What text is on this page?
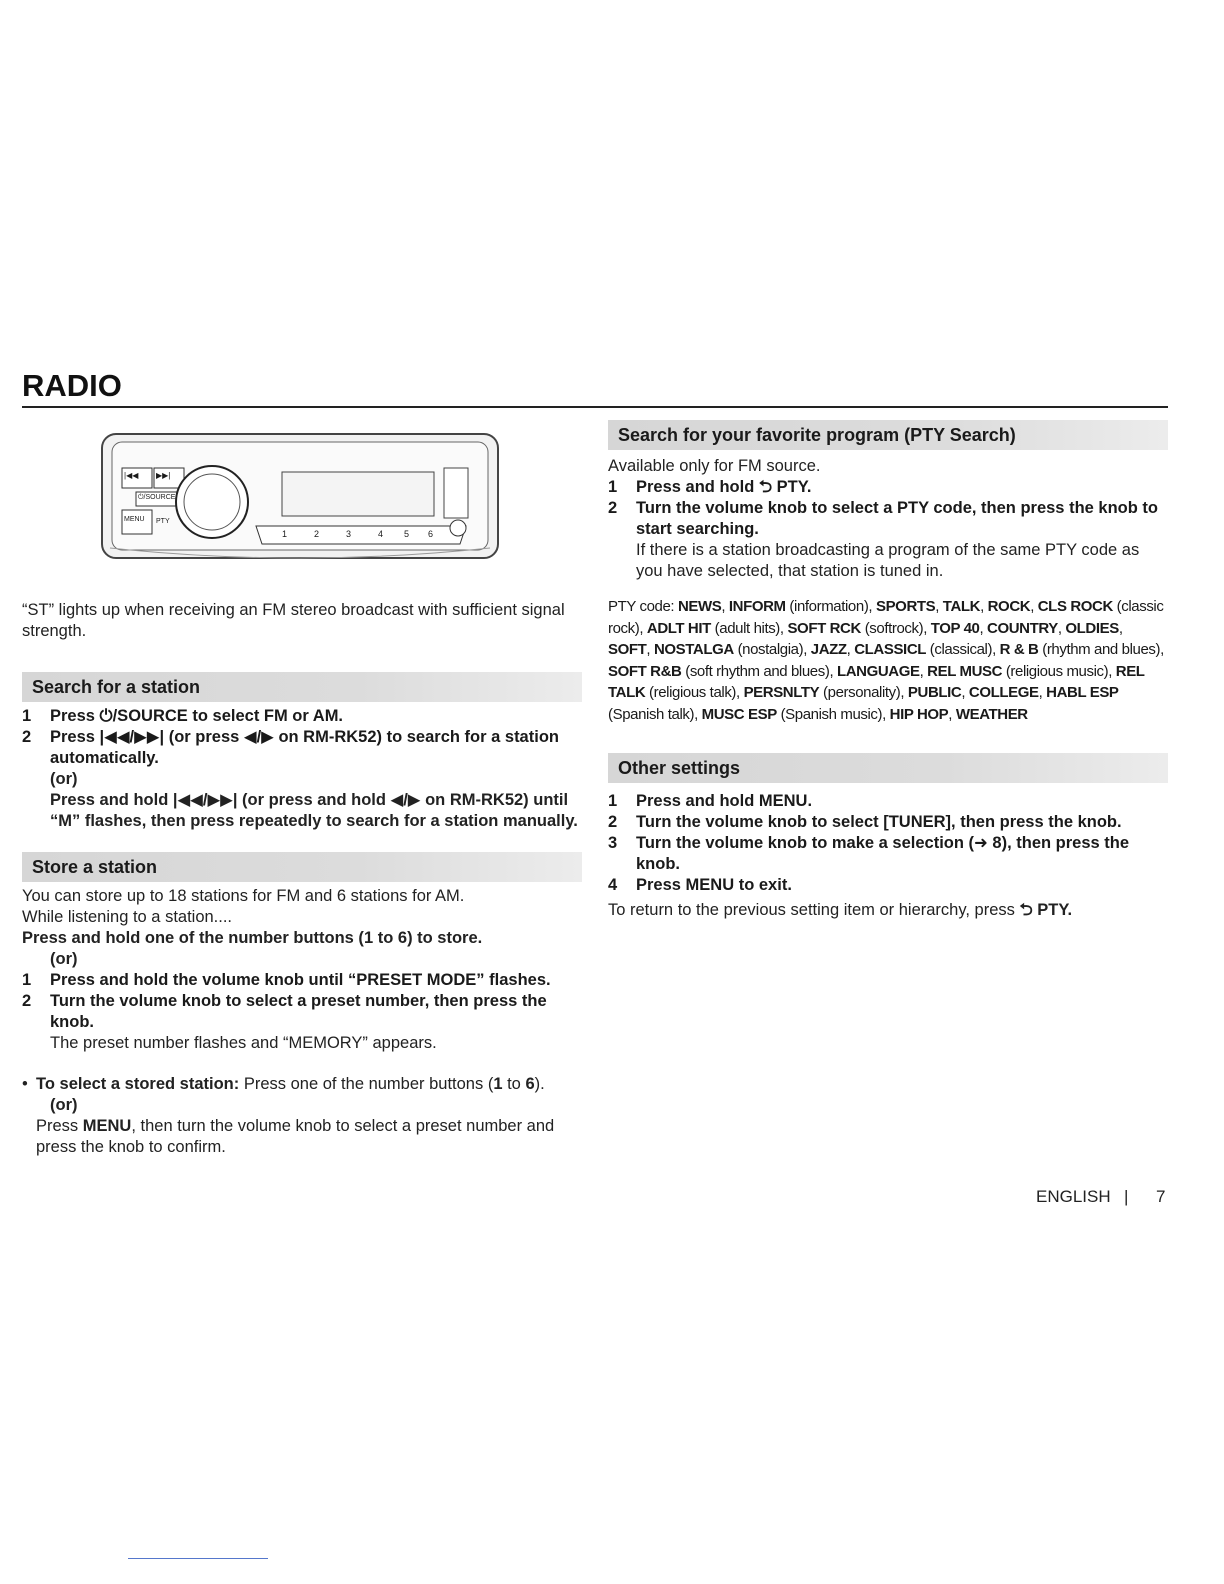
RADIO
|◀◀ ▶▶|
⏻/SOURCE
MENU PTY
1	2	3	4 5 6
“ST” lights up when receiving an FM stereo broadcast with sufficient signal strength.
Search for a station
1	Press ⏻/SOURCE to select FM or AM.
2	Press |◀◀/▶▶| (or press ◀/▶ on RM-RK52) to search for a station automatically.
(or)
Press and hold |◀◀/▶▶| (or press and hold ◀/▶ on RM-RK52) until “M” flashes, then press repeatedly to search for a station manually.
Store a station
You can store up to 18 stations for FM and 6 stations for AM.
While listening to a station....
Press and hold one of the number buttons (1 to 6) to store.
(or)
1	Press and hold the volume knob until “PRESET MODE” flashes.
2	Turn the volume knob to select a preset number, then press the knob.
The preset number flashes and “MEMORY” appears.
• To select a stored station: Press one of the number buttons (1 to 6).
(or)
Press MENU, then turn the volume knob to select a preset number and press the knob to confirm.
Search for your favorite program (PTY Search)
Available only for FM source.
1	Press and hold ⮌ PTY.
2	Turn the volume knob to select a PTY code, then press the knob to start searching.
If there is a station broadcasting a program of the same PTY code as you have selected, that station is tuned in.
PTY code: NEWS, INFORM (information), SPORTS, TALK, ROCK, CLS ROCK (classic rock), ADLT HIT (adult hits), SOFT RCK (softrock), TOP 40, COUNTRY, OLDIES, SOFT, NOSTALGA (nostalgia), JAZZ, CLASSICL (classical), R & B (rhythm and blues), SOFT R&B (soft rhythm and blues), LANGUAGE, REL MUSC (religious music), REL TALK (religious talk), PERSNLTY (personality), PUBLIC, COLLEGE, HABL ESP (Spanish talk), MUSC ESP (Spanish music), HIP HOP, WEATHER
Other settings
1	Press and hold MENU.
2	Turn the volume knob to select [TUNER], then press the knob.
3	Turn the volume knob to make a selection (➜ 8), then press the knob.
4	Press MENU to exit.
To return to the previous setting item or hierarchy, press ⮌ PTY.
ENGLISH | 7
